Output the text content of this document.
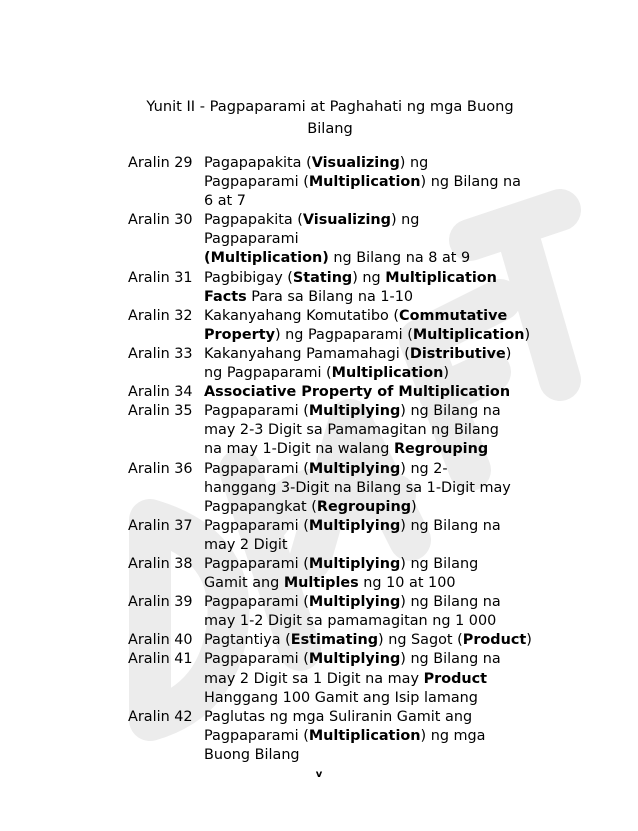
Yunit II - Pagpaparami at Paghahati ng mga Buong
Bilang
Aralin 29 Pagapapakita (Visualizing) ng
Pagpaparami (Multiplication) ng Bilang na
6 at 7
Aralin 30 Pagpapakita (Visualizing) ng
Pagpaparami
(Multiplication) ng Bilang na 8 at 9
Aralin 31 Pagbibigay (Stating) ng Multiplication
Facts Para sa Bilang na 1-10
Aralin 32 Kakanyahang Komutatibo (Commutative
Property) ng Pagpaparami (Multiplication)
Aralin 33 Kakanyahang Pamamahagi (Distributive)
ng Pagpaparami (Multiplication)
Aralin 34 Associative Property of Multiplication
Aralin 35 Pagpaparami (Multiplying) ng Bilang na
may 2-3 Digit sa Pamamagitan ng Bilang
na may 1-Digit na walang Regrouping
Aralin 36 Pagpaparami (Multiplying) ng 2-
hanggang 3-Digit na Bilang sa 1-Digit may
Pagpapangkat (Regrouping)
Aralin 37 Pagpaparami (Multiplying) ng Bilang na
may 2 Digit
Aralin 38 Pagpaparami (Multiplying) ng Bilang
Gamit ang Multiples ng 10 at 100
Aralin 39 Pagpaparami (Multiplying) ng Bilang na
may 1-2 Digit sa pamamagitan ng 1 000
Aralin 40 Pagtantiya (Estimating) ng Sagot (Product)
Aralin 41 Pagpaparami (Multiplying) ng Bilang na
may 2 Digit sa 1 Digit na may Product
Hanggang 100 Gamit ang Isip lamang
Aralin 42 Paglutas ng mga Suliranin Gamit ang
Pagpaparami (Multiplication) ng mga
Buong Bilang
v
